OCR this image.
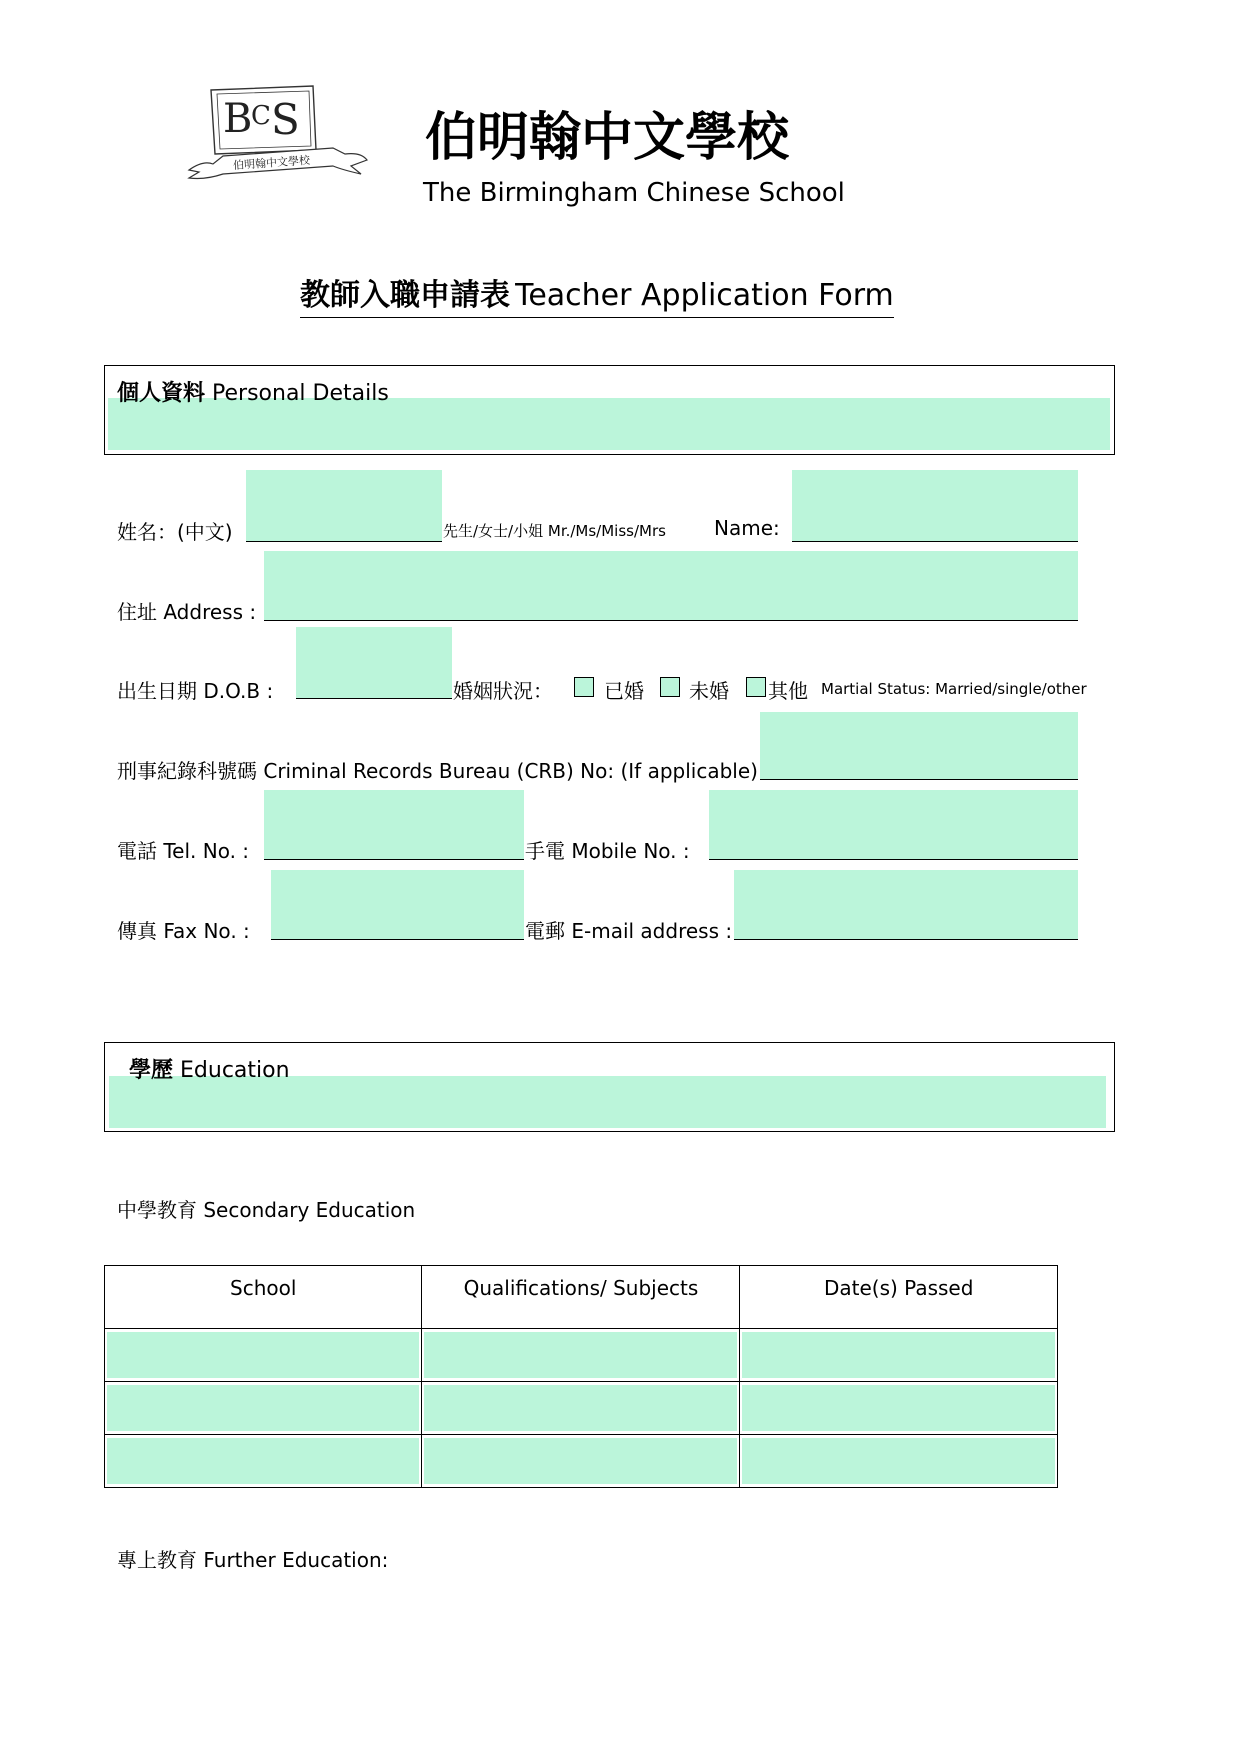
B
C S
伯明翰中文學校 伯明翰中文學校
The Birmingham Chinese School
教師入職申請表 Teacher Application Form
個人資料 Personal Details
姓名：(中文)	先生/女士/小姐 Mr./Ms/Miss/Mrs Name:
住址 Address :
出生日期 D.O.B :	婚姻狀況：	已婚 未婚 其他 Martial Status: Married/single/other
刑事紀錄科號碼 Criminal Records Bureau (CRB) No: (If applicable)
電話 Tel. No. :	手電 Mobile No. :
傳真 Fax No. :	電郵 E-mail address :
學歷 Education
中學教育 Secondary Education
School	Qualifications/ Subjects	Date(s) Passed

專上教育 Further Education:
